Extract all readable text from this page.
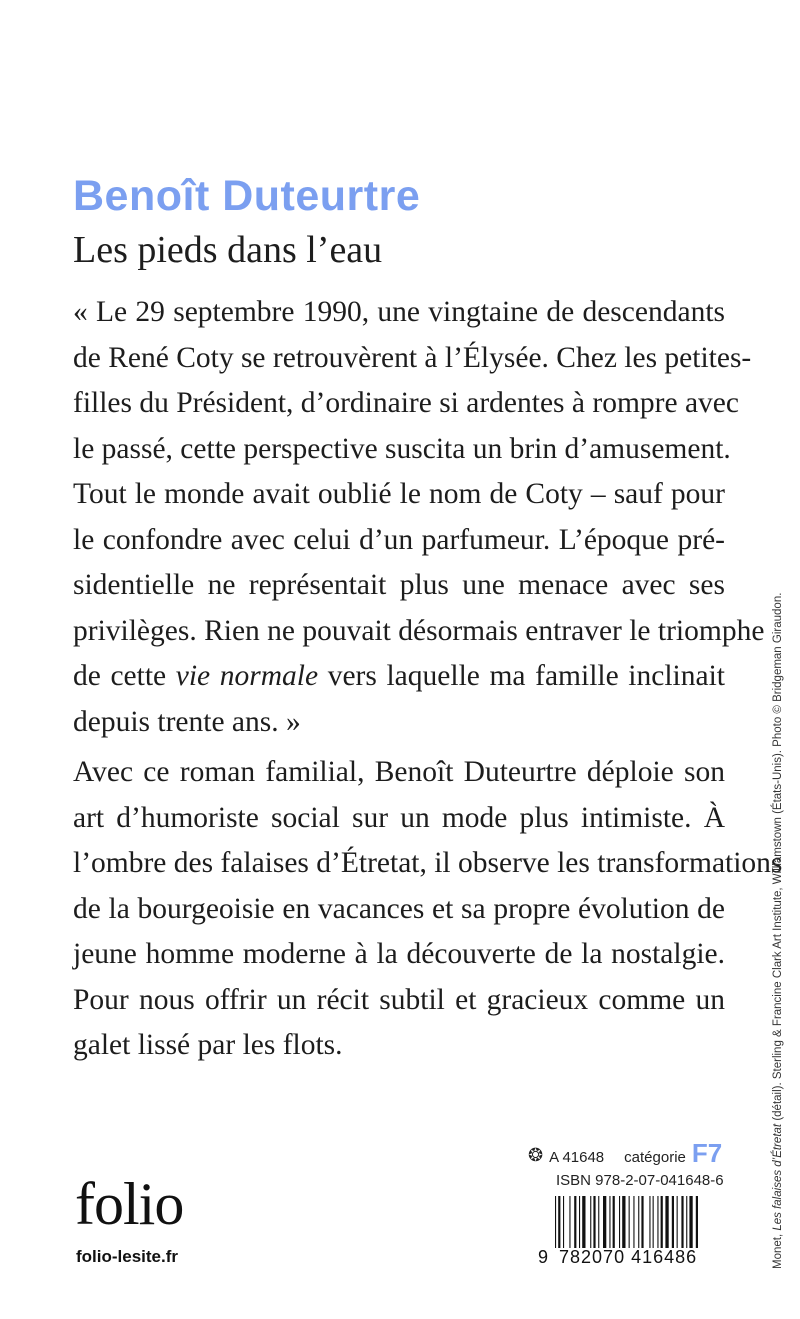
Benoît Duteurtre
Les pieds dans l’eau
« Le 29 septembre 1990, une vingtaine de descendants
de René Coty se retrouvèrent à l’Élysée. Chez les petites-
filles du Président, d’ordinaire si ardentes à rompre avec
le passé, cette perspective suscita un brin d’amusement.
Tout le monde avait oublié le nom de Coty – sauf pour
le confondre avec celui d’un parfumeur. L’époque pré-
sidentielle ne représentait plus une menace avec ses
privilèges. Rien ne pouvait désormais entraver le triomphe
de cette vie normale vers laquelle ma famille inclinait
depuis trente ans. »
Avec ce roman familial, Benoît Duteurtre déploie son
art d’humoriste social sur un mode plus intimiste. À
l’ombre des falaises d’Étretat, il observe les transformations
de la bourgeoisie en vacances et sa propre évolution de
jeune homme moderne à la découverte de la nostalgie.
Pour nous offrir un récit subtil et gracieux comme un
galet lissé par les flots.
Monet, Les falaises d’Étretat (détail). Sterling & Francine Clark Art Institute, Williamstown (États-Unis). Photo © Bridgeman Giraudon.
folio
folio-lesite.fr
❂ A 41648 catégorie F7
ISBN 978-2-07-041648-6
9 782070 416486
